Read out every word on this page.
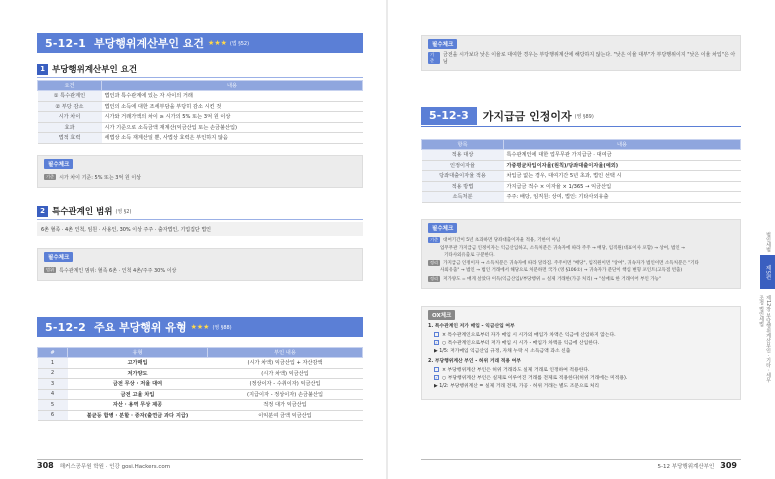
5-12-1 부당행위계산부인 요건 ★★★ (법 §52)
1 부당행위계산부인 요건
요건	내용
① 특수관계인	법인과 특수관계에 있는 자 사이의 거래
② 부당 감소	법인의 소득에 대한 조세부담을 부당히 감소 시킨 것
시가 차이	시가와 거래가액의 차이 ≥ 시가의 5% 또는 3억 원 이상
효과	시가 기준으로 소득금액 재계산(익금산입 또는 손금불산입)
법적 효력	세법상 소득 재계산일 뿐, 사법상 효력은 부인하지 않음
필수체크
기준	시가 차이 기준: 5% 또는 3억 원 이상
2 특수관계인 범위 (영 §2)
6촌 혈족 · 4촌 인척, 임원 · 사용인, 30% 이상 주주 · 출자법인, 기업집단 법인
필수체크
범위	특수관계인 범위: 혈족 6촌 · 인척 4촌/주주 30% 이상
5-12-2 주요 부당행위 유형 ★★★ (영 §88)
#	유형	부인 내용
1	고가매입	(시가 차액) 익금산입 + 자산감액
2	저가양도	(시가 차액) 익금산입
3	금전 무상 · 저율 대여	(정상이자 - 수취이자) 익금산입
4	금전 고율 차입	(지급이자 - 정상이자) 손금불산입
5	자산 · 용역 무상 제공	적정 대가 익금산입
6	불균등 합병 · 분할 · 증자(출연금 과다 지급)	이익분여 금액 익금산입
308 해커스공무원 학원 · 인강 gosi.Hackers.com
필수체크
기준
금전을 시가보다 낮은 이율로 대여한 경우는 부당행위계산에 해당하지 않는다. "낮은 이율 대부"가 부당행위이지 "낮은 이율 차입"은 아님
5-12-3	가지급금 인정이자 (영 §89)
항목	내용
적용 대상	특수관계인에 대한 업무무관 가지급금 · 대여금
인정이자율	가중평균차입이자율(원칙)/당좌대출이자율(예외)
당좌대출이자율 적용	차입금 없는 경우, 대여기간 5년 초과, 법인 선택 시
적용 방법	가지급금 적수 × 이자율 × 1/365 → 익금산입
소득처분	주주: 배당, 임직원: 상여, 법인: 기타사외유출
필수체크
기준	대여기간이 5년 초과하면 당좌대출이자율 적용, 기한이 아님
업무무관 가지급금 인정이자는 익금산입하고, 소득처분은 귀속자에 따라 주주 → 배당, 임직원(대표이사 포함) → 상여, 법인 →
기타사외유출로 구분한다.
정리	가지급금 인정이자 → 소득처분은 귀속자에 따라 달라짐. 주주이면 "배당", 임직원이면 "상여", 귀속자가 법인이면 소득처분은 "기타
사외유출" → 법인 → 법인 거래에서 해당으로 처분하면 국가 (영 §106①) → 귀속자가 분단이 핵심 변형 포인트(고득점 빈출)
정리	저가양도 = 매게 살았다 이득(익금산입)/부당행위 = 실제 거래한(가공 처리) → "실매로 한 거래이어 부인 가능"
OX체크
1. 특수관계인 저가 매입 - 익금산입 여부
× 특수관계인으로부터 자가 매입 시 시가의 매입가 차액은 익금에 산입하지 않는다.
✓ ○ 특수관계인으로부터 저가 매입 시 시가 - 매입가 차액을 익금에 산입한다.
▶ 1/5: 저가매입 익금산입 규정, 자채 누락 시 소득금액 과소 신출
2. 부당행위계산 부인 - 허위 거래 적용 여부
× 부당행위계산 부인은 허위 거래라도 실제 거래로 인정하여 적용한다.
✓ ○ 부당행위계산 부인은 실제로 이루어진 거래를 전제로 적용한다(허위 거래에는 미적용).
▶ 1/2: 부당행위계산 = 실제 거래 전제, 가공 · 허위 거래는 별도 조문으로 처리
법인세법
제5편
제12장 부당행위계산부인 · 기타 · 세무조정 법인세법
5-12 부당행위계산부인 309
